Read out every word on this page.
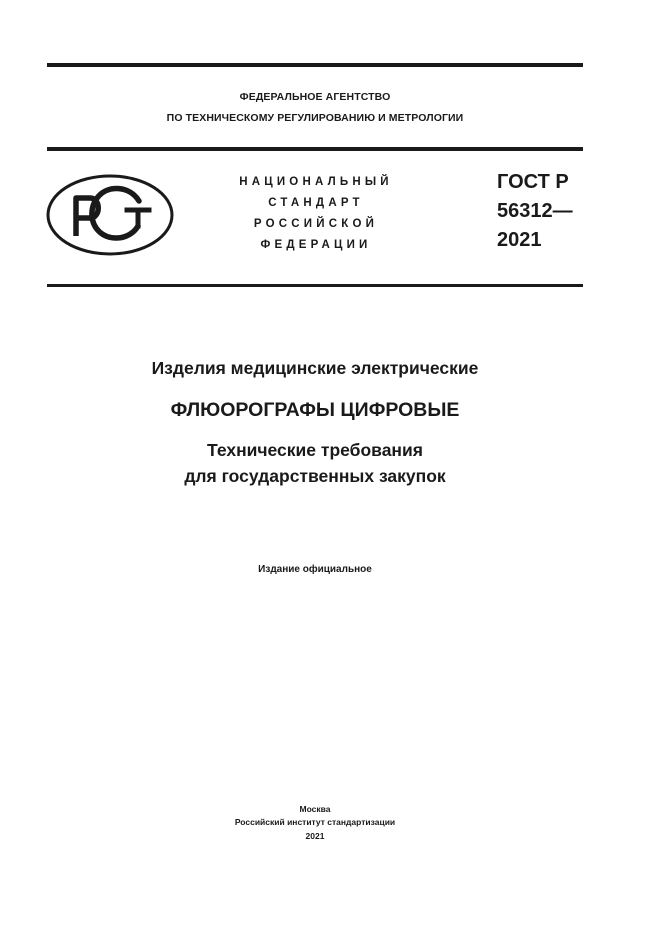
ФЕДЕРАЛЬНОЕ АГЕНТСТВО
ПО ТЕХНИЧЕСКОМУ РЕГУЛИРОВАНИЮ И МЕТРОЛОГИИ
НАЦИОНАЛЬНЫЙ
СТАНДАРТ
РОССИЙСКОЙ
ФЕДЕРАЦИИ
ГОСТ Р
56312—
2021
Изделия медицинские электрические
ФЛЮОРОГРАФЫ ЦИФРОВЫЕ
Технические требования
для государственных закупок
Издание официальное
Москва
Российский институт стандартизации
2021
